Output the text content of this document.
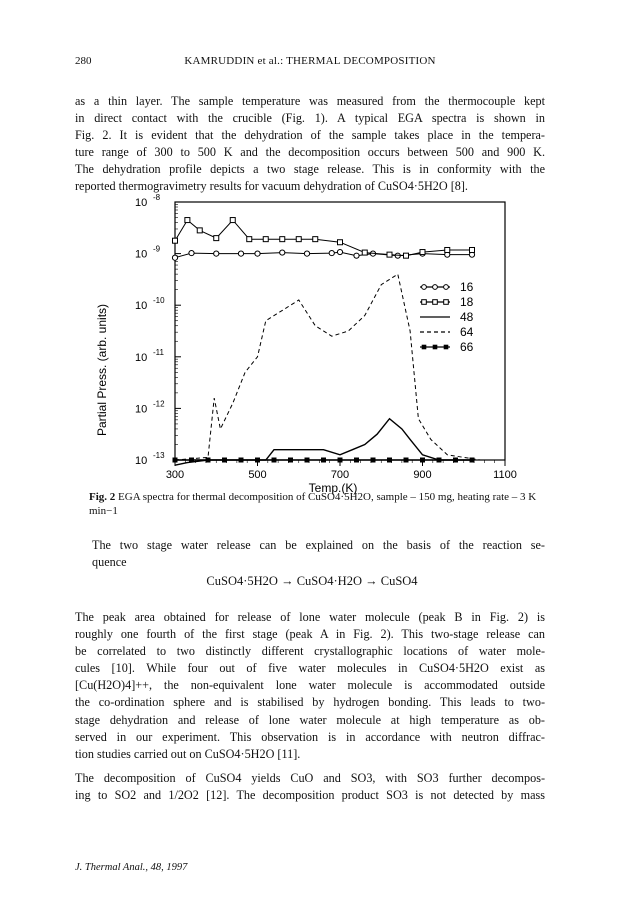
280	KAMRUDDIN et al.: THERMAL DECOMPOSITION
as a thin layer. The sample temperature was measured from the thermocouple kept
in direct contact with the crucible (Fig. 1). A typical EGA spectra is shown in
Fig. 2. It is evident that the dehydration of the sample takes place in the tempera-
ture range of 300 to 500 K and the decomposition occurs between 500 and 900 K.
The dehydration profile depicts a two stage release. This is in conformity with the
reported thermogravimetry results for vacuum dehydration of CuSO4·5H2O [8].
300	500	700	900	1100
10 -8
10 -9
10 -10
10 -11
10 -12
10 -13
16
18
48
64
66
Temp.(K)
Partial Press. (arb. units)
Fig. 2 EGA spectra for thermal decomposition of CuSO4·5H2O, sample – 150 mg, heating rate – 3 K min−1
The two stage water release can be explained on the basis of the reaction se-
quence
CuSO4·5H2O → CuSO4·H2O → CuSO4
The peak area obtained for release of lone water molecule (peak B in Fig. 2) is
roughly one fourth of the first stage (peak A in Fig. 2). This two-stage release can
be correlated to two distinctly different crystallographic locations of water mole-
cules [10]. While four out of five water molecules in CuSO4·5H2O exist as
[Cu(H2O)4]++, the non-equivalent lone water molecule is accommodated outside
the co-ordination sphere and is stabilised by hydrogen bonding. This leads to two-
stage dehydration and release of lone water molecule at high temperature as ob-
served in our experiment. This observation is in accordance with neutron diffrac-
tion studies carried out on CuSO4·5H2O [11].
The decomposition of CuSO4 yields CuO and SO3, with SO3 further decompos-
ing to SO2 and 1/2O2 [12]. The decomposition product SO3 is not detected by mass
J. Thermal Anal., 48, 1997
